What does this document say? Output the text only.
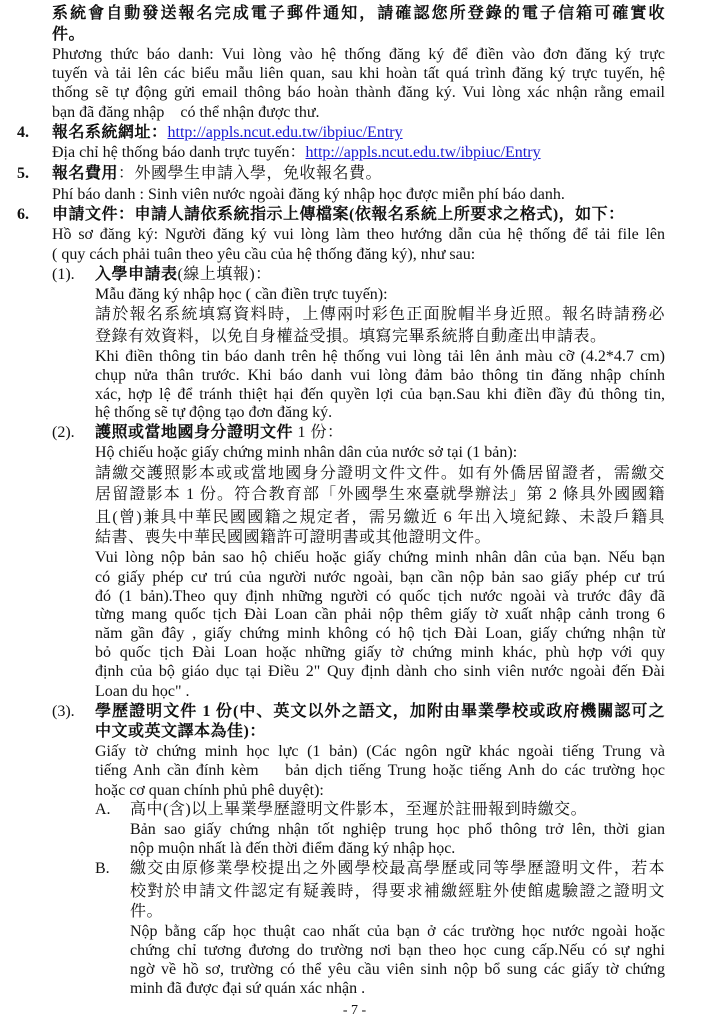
系統會自動發送報名完成電子郵件通知，請確認您所登錄的電子信箱可確實收
件。
Phương thức báo danh: Vui lòng vào hệ thống đăng ký để điền vào đơn đăng ký trực
tuyến và tải lên các biểu mẫu liên quan, sau khi hoàn tất quá trình đăng ký trực tuyến, hệ
thống sẽ tự động gửi email thông báo hoàn thành đăng ký. Vui lòng xác nhận rằng email
bạn đã đăng nhập    có thể nhận được thư.
4. 報名系統網址：http://appls.ncut.edu.tw/ibpiuc/Entry
Địa chỉ hệ thống báo danh trực tuyến：http://appls.ncut.edu.tw/ibpiuc/Entry
5. 報名費用：外國學生申請入學，免收報名費。
Phí báo danh : Sinh viên nước ngoài đăng ký nhập học được miễn phí báo danh.
6. 申請文件：申請人請依系統指示上傳檔案(依報名系統上所要求之格式)，如下：
Hồ sơ đăng ký: Người đăng ký vui lòng làm theo hướng dẫn của hệ thống để tải file lên
( quy cách phải tuân theo yêu cầu của hệ thống đăng ký), như sau:
(1). 入學申請表(線上填報)：
Mẫu đăng ký nhập học ( cần điền trực tuyến):
請於報名系統填寫資料時，上傳兩吋彩色正面脫帽半身近照。報名時請務必
登錄有效資料，以免自身權益受損。填寫完畢系統將自動產出申請表。
Khi điền thông tin báo danh trên hệ thống vui lòng tải lên ảnh màu cỡ (4.2*4.7 cm)
chụp nửa thân trước. Khi báo danh vui lòng đảm bảo thông tin đăng nhập chính
xác, hợp lệ để tránh thiệt hại đến quyền lợi của bạn.Sau khi điền đầy đủ thông tin,
hệ thống sẽ tự động tạo đơn đăng ký.
(2). 護照或當地國身分證明文件 1 份：
Hộ chiếu hoặc giấy chứng minh nhân dân của nước sở tại (1 bản):
請繳交護照影本或或當地國身分證明文件文件。如有外僑居留證者，需繳交
居留證影本 1 份。符合教育部「外國學生來臺就學辦法」第 2 條具外國國籍
且(曾)兼具中華民國國籍之規定者，需另繳近 6 年出入境紀錄、未設戶籍具
結書、喪失中華民國國籍許可證明書或其他證明文件。
Vui lòng nộp bản sao hộ chiếu hoặc giấy chứng minh nhân dân của bạn. Nếu bạn
có giấy phép cư trú của người nước ngoài, bạn cần nộp bản sao giấy phép cư trú
đó (1 bản).Theo quy định những người có quốc tịch nước ngoài và trước đây đã
từng mang quốc tịch Đài Loan cần phải nộp thêm giấy tờ xuất nhập cảnh trong 6
năm gần đây , giấy chứng minh không có hộ tịch Đài Loan, giấy chứng nhận từ
bỏ quốc tịch Đài Loan hoặc những giấy tờ chứng minh khác, phù hợp với quy
định của bộ giáo dục tại Điều 2" Quy định dành cho sinh viên nước ngoài đến Đài
Loan du học" .
(3). 學歷證明文件 1 份(中、英文以外之語文，加附由畢業學校或政府機關認可之
中文或英文譯本為佳)：
Giấy tờ chứng minh học lực (1 bản) (Các ngôn ngữ khác ngoài tiếng Trung và
tiếng Anh cần đính kèm    bản dịch tiếng Trung hoặc tiếng Anh do các trường học
hoặc cơ quan chính phủ phê duyệt):
A. 高中(含)以上畢業學歷證明文件影本，至遲於註冊報到時繳交。
Bản sao giấy chứng nhận tốt nghiệp trung học phổ thông trở lên, thời gian
nộp muộn nhất là đến thời điểm đăng ký nhập học.
B. 繳交由原修業學校提出之外國學校最高學歷或同等學歷證明文件，若本
校對於申請文件認定有疑義時，得要求補繳經駐外使館處驗證之證明文
件。
Nộp bằng cấp học thuật cao nhất của bạn ở các trường học nước ngoài hoặc
chứng chỉ tương đương do trường nơi bạn theo học cung cấp.Nếu có sự nghi
ngờ về hồ sơ, trường có thể yêu cầu viên sinh nộp bổ sung các giấy tờ chứng
minh đã được đại sứ quán xác nhận .
- 7 -
